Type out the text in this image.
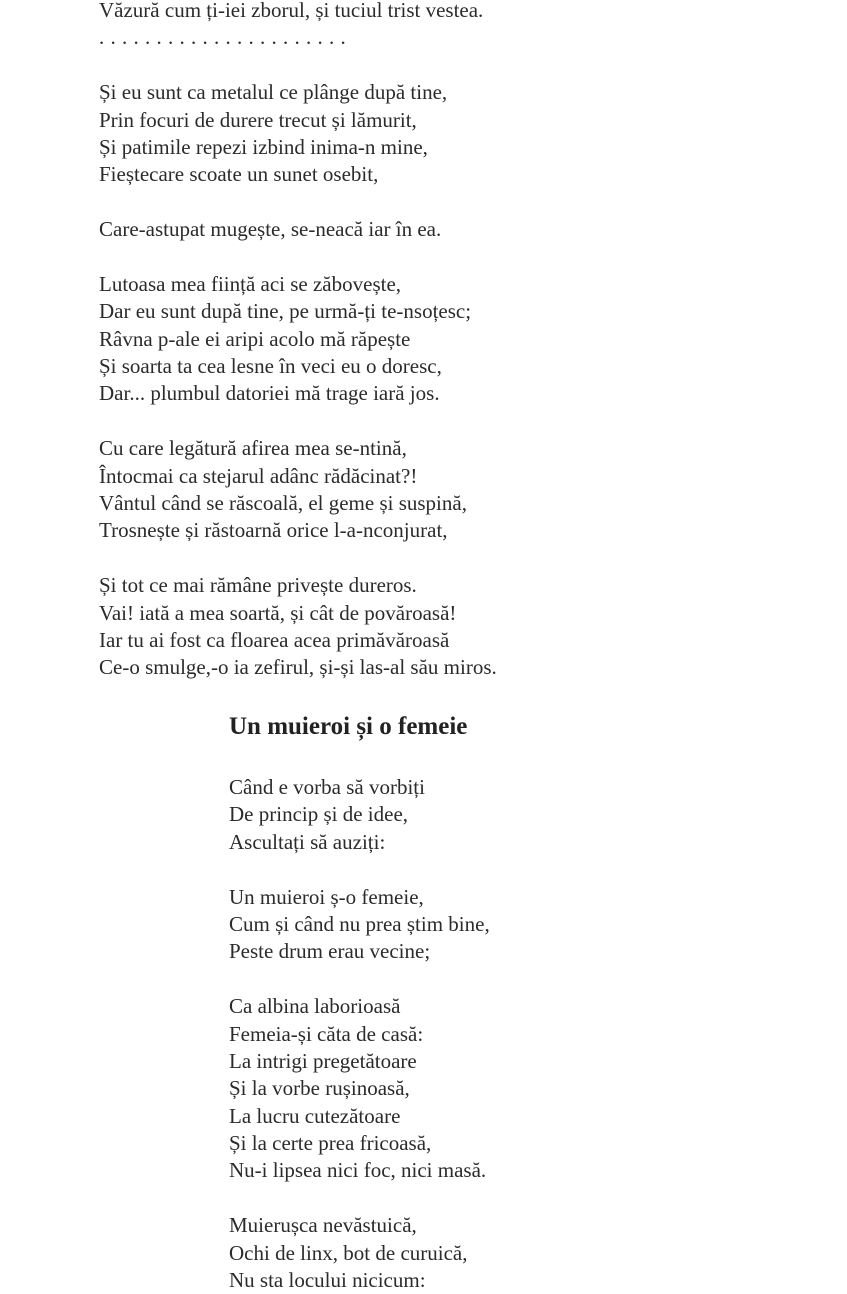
Văzură cum ți-iei zborul, și tuciul trist vestea.
. . . . . . . . . . . . . . . . . . . . . .
Și eu sunt ca metalul ce plânge după tine,
Prin focuri de durere trecut și lămurit,
Și patimile repezi izbind inima-n mine,
Fieștecare scoate un sunet osebit,
Care-astupat mugește, se-neacă iar în ea.
Lutoasa mea ființă aci se zăbovește,
Dar eu sunt după tine, pe urmă-ți te-nsoțesc;
Râvna p-ale ei aripi acolo mă răpește
Și soarta ta cea lesne în veci eu o doresc,
Dar... plumbul datoriei mă trage iară jos.
Cu care legătură afirea mea se-ntină,
Întocmai ca stejarul adânc rădăcinat?!
Vântul când se răscoală, el geme și suspină,
Trosnește și răstoarnă orice l-a-nconjurat,
Și tot ce mai rămâne privește dureros.
Vai! iată a mea soartă, și cât de povăroasă!
Iar tu ai fost ca floarea acea primăvăroasă
Ce-o smulge,-o ia zefirul, și-și las-al său miros.
Un muieroi și o femeie
Când e vorba să vorbiți
De princip și de idee,
Ascultați să auziți:
Un muieroi ș-o femeie,
Cum și când nu prea știm bine,
Peste drum erau vecine;
Ca albina laborioasă
Femeia-și căta de casă:
La intrigi pregetătoare
Și la vorbe rușinoasă,
La lucru cutezătoare
Și la certe prea fricoasă,
Nu-i lipsea nici foc, nici masă.
Muierușca nevăstuică,
Ochi de linx, bot de curuică,
Nu sta locului nicicum:
